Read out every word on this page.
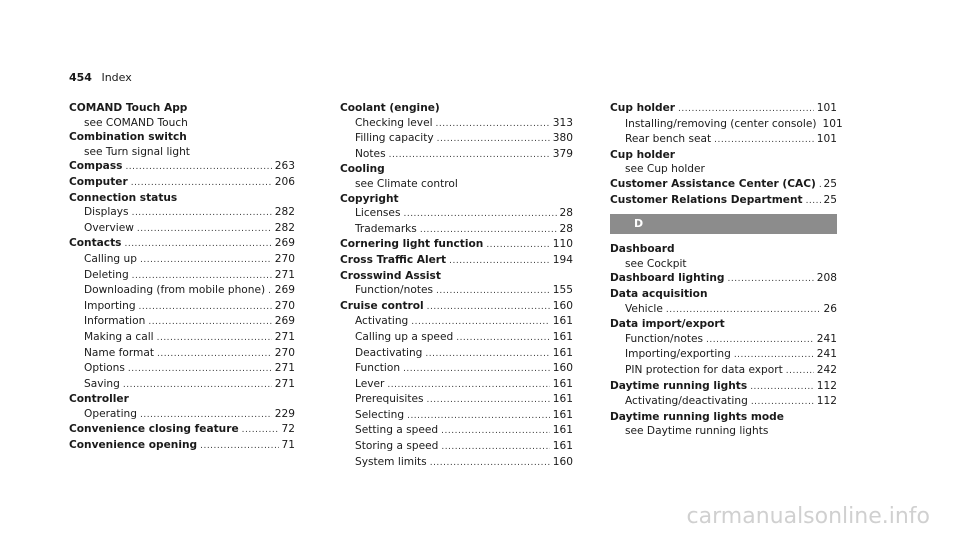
454 Index
COMAND Touch App
see COMAND Touch
Combination switch
see Turn signal light
Compass .....	263
Computer .....	206
Connection status
Displays .....	282
Overview .....	282
Contacts .....	269
Calling up .....	270
Deleting .....	271
Downloading (from mobile phone) ..... 269
Importing .....	270
Information .....	269
Making a call .....	271
Name format .....	270
Options .....	271
Saving .....	271
Controller
Operating .....	229
Convenience closing feature .....	72
Convenience opening .....	71
Coolant (engine)
Checking level .....	313
Filling capacity .....	380
Notes .....	379
Cooling
see Climate control
Copyright
Licenses .....	28
Trademarks .....	28
Cornering light function .....	110
Cross Traffic Alert .....	194
Crosswind Assist
Function/notes .....	155
Cruise control .....	160
Activating .....	161
Calling up a speed .....	161
Deactivating .....	161
Function .....	160
Lever .....	161
Prerequisites .....	161
Selecting .....	161
Setting a speed .....	161
Storing a speed .....	161
System limits .....	160
Cup holder .....	101
Installing/removing (center console) 101
Rear bench seat .....	101
Cup holder
see Cup holder
Customer Assistance Center (CAC) ..... 25
Customer Relations Department ..... 25
D
Dashboard
see Cockpit
Dashboard lighting .....	208
Data acquisition
Vehicle .....	26
Data import/export
Function/notes .....	241
Importing/exporting .....	241
PIN protection for data export .....	242
Daytime running lights .....	112
Activating/deactivating .....	112
Daytime running lights mode
see Daytime running lights
carmanualsonline.info
